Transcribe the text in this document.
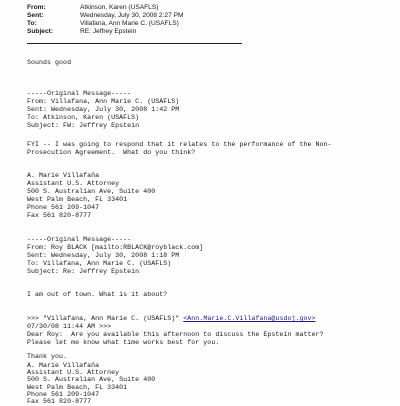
From:	Atkinson, Karen (USAFLS)
Sent:	Wednesday, July 30, 2008 2:27 PM
To:	Villafana, Ann Marie C. (USAFLS)
Subject:	RE: Jeffrey Epstein

Sounds good

-----Original Message-----

From: Villafana, Ann Marie C. (USAFLS)

Sent: Wednesday, July 30, 2008 1:42 PM

To: Atkinson, Karen (USAFLS)

Subject: FW: Jeffrey Epstein

FYI -- I was going to respond that it relates to the performance of the Non-

Prosecution Agreement.  What do you think?

A. Marie Villafaña

Assistant U.S. Attorney

500 S. Australian Ave, Suite 400

West Palm Beach, FL 33401

Phone 561 209-1047

Fax 561 820-8777

-----Original Message-----

From: Roy BLACK [mailto:RBLACK@royblack.com]

Sent: Wednesday, July 30, 2008 1:18 PM

To: Villafana, Ann Marie C. (USAFLS)

Subject: Re: Jeffrey Epstein

I am out of town. What is it about?

>>> "Villafana, Ann Marie C. (USAFLS)" <Ann.Marie.C.Villafana@usdoj.gov>

07/30/08 11:44 AM >>>

Dear Roy:  Are you available this afternoon to discuss the Epstein matter?

Please let me know what time works best for you.

Thank you.

A. Marie Villafaña

Assistant U.S. Attorney

500 S. Australian Ave, Suite 400

West Palm Beach, FL 33401

Phone 561 209-1047

Fax 561 820-8777
